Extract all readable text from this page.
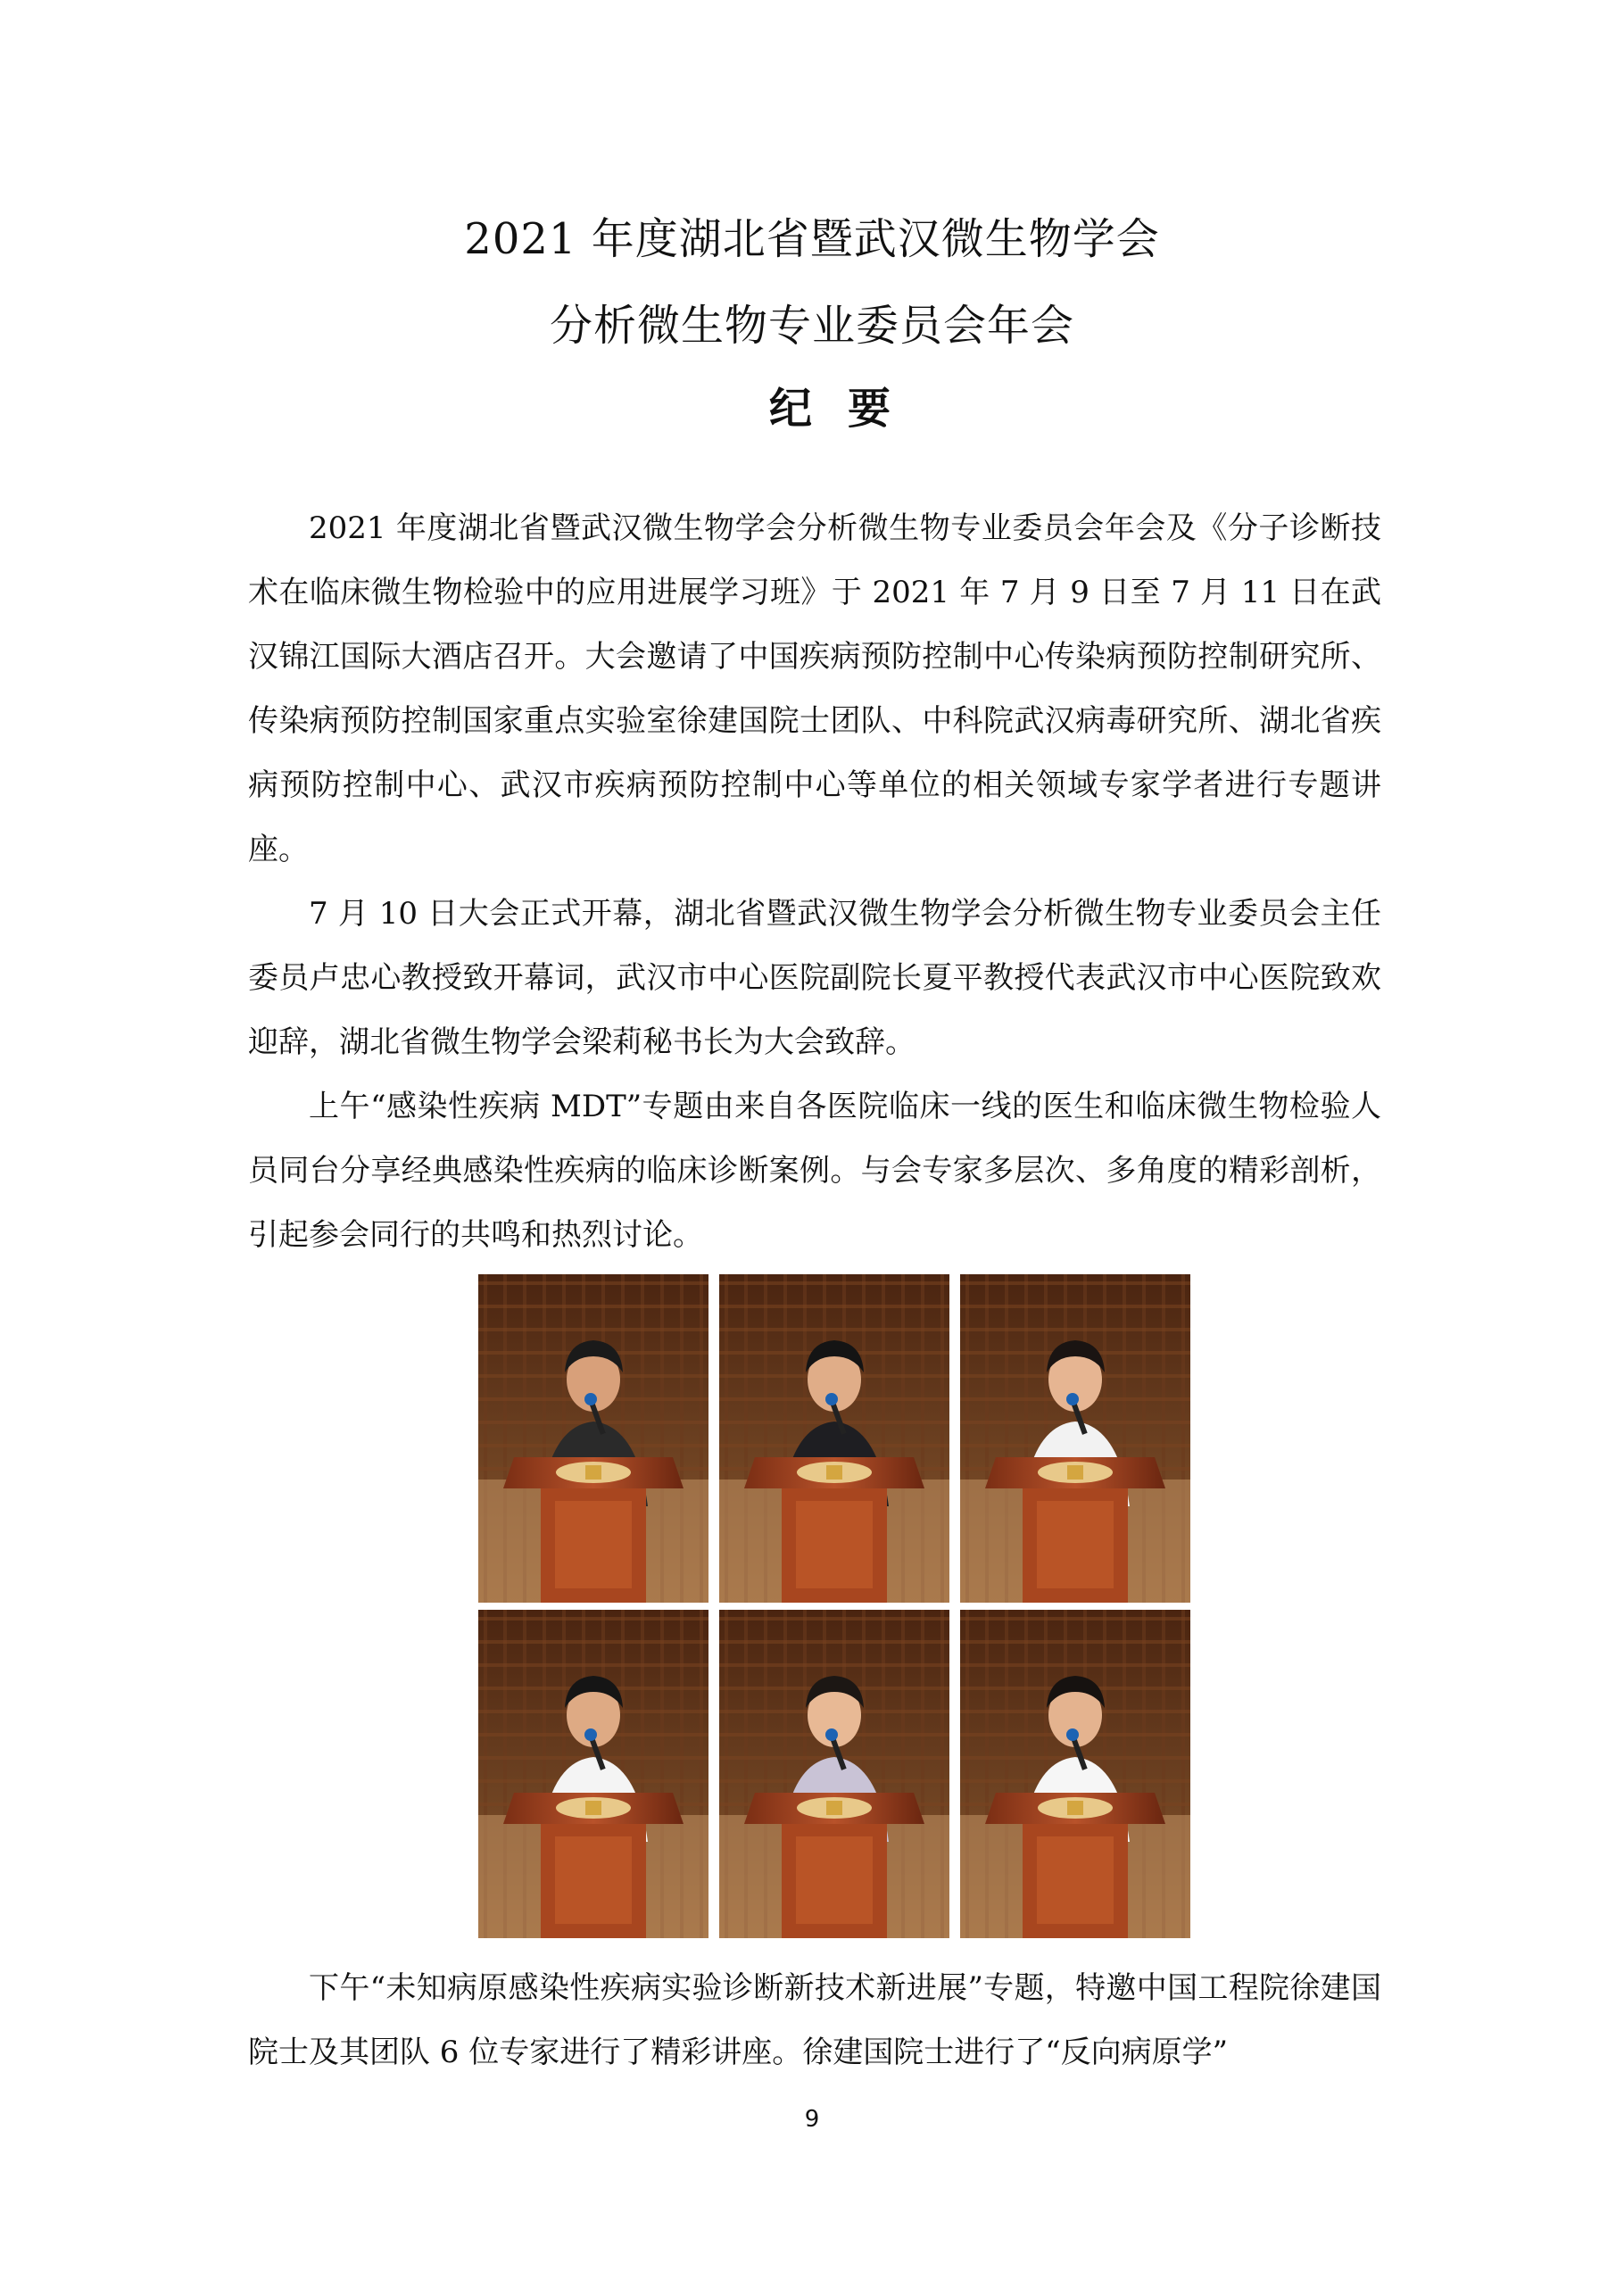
2021 年度湖北省暨武汉微生物学会
分析微生物专业委员会年会
纪要

2021 年度湖北省暨武汉微生物学会分析微生物专业委员会年会及《分子诊断技术在临床微生物检验中的应用进展学习班》于 2021 年 7 月 9 日至 7 月 11 日在武汉锦江国际大酒店召开。大会邀请了中国疾病预防控制中心传染病预防控制研究所、传染病预防控制国家重点实验室徐建国院士团队、中科院武汉病毒研究所、湖北省疾病预防控制中心、武汉市疾病预防控制中心等单位的相关领域专家学者进行专题讲座。

7 月 10 日大会正式开幕，湖北省暨武汉微生物学会分析微生物专业委员会主任委员卢忠心教授致开幕词，武汉市中心医院副院长夏平教授代表武汉市中心医院致欢迎辞，湖北省微生物学会梁莉秘书长为大会致辞。

上午“感染性疾病 MDT”专题由来自各医院临床一线的医生和临床微生物检验人员同台分享经典感染性疾病的临床诊断案例。与会专家多层次、多角度的精彩剖析，引起参会同行的共鸣和热烈讨论。

下午“未知病原感染性疾病实验诊断新技术新进展”专题，特邀中国工程院徐建国院士及其团队 6 位专家进行了精彩讲座。徐建国院士进行了“反向病原学”

9
